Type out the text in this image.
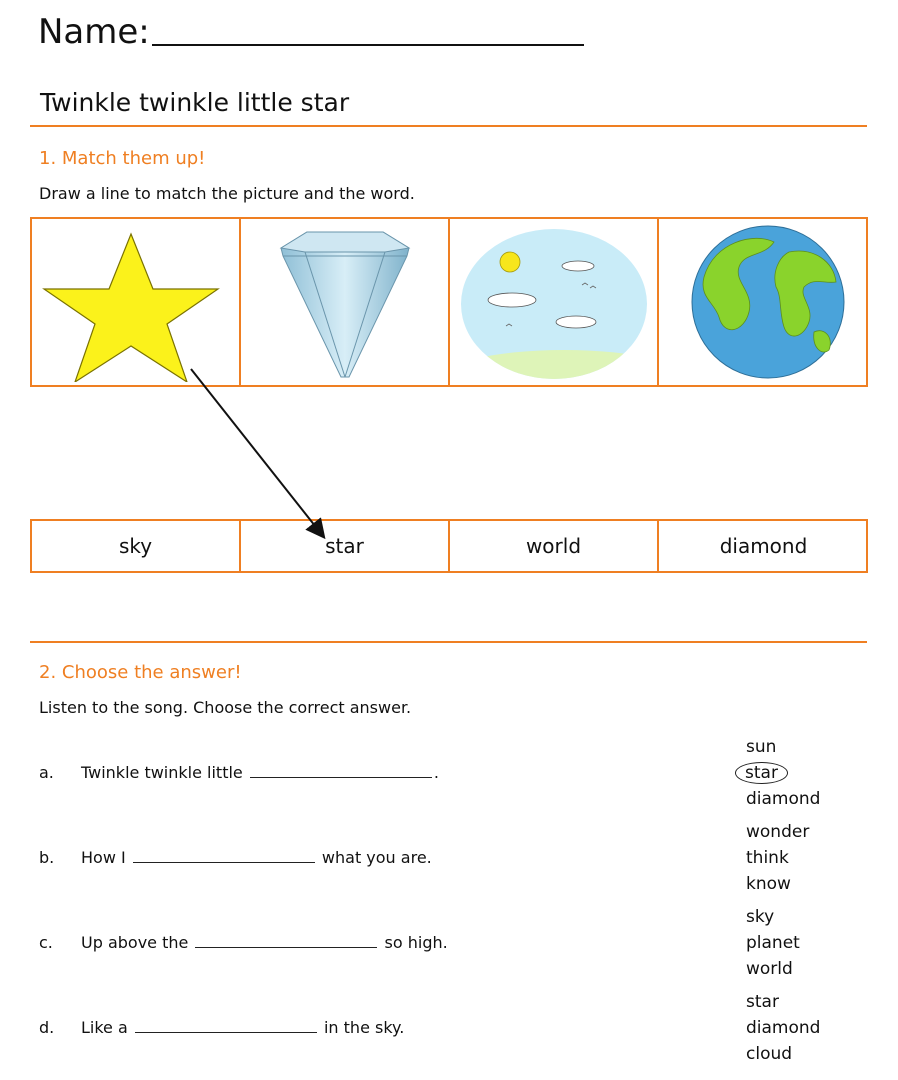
Name:
Twinkle twinkle little star
1. Match them up!
Draw a line to match the picture and the word.
sky	star	world	diamond
2. Choose the answer!
Listen to the song. Choose the correct answer.
a. Twinkle twinkle little	.
sun
star
diamond
b. How I	what you are.
wonder
think
know
c. Up above the	so high.
sky
planet
world
d. Like a	in the sky.
star
diamond
cloud
